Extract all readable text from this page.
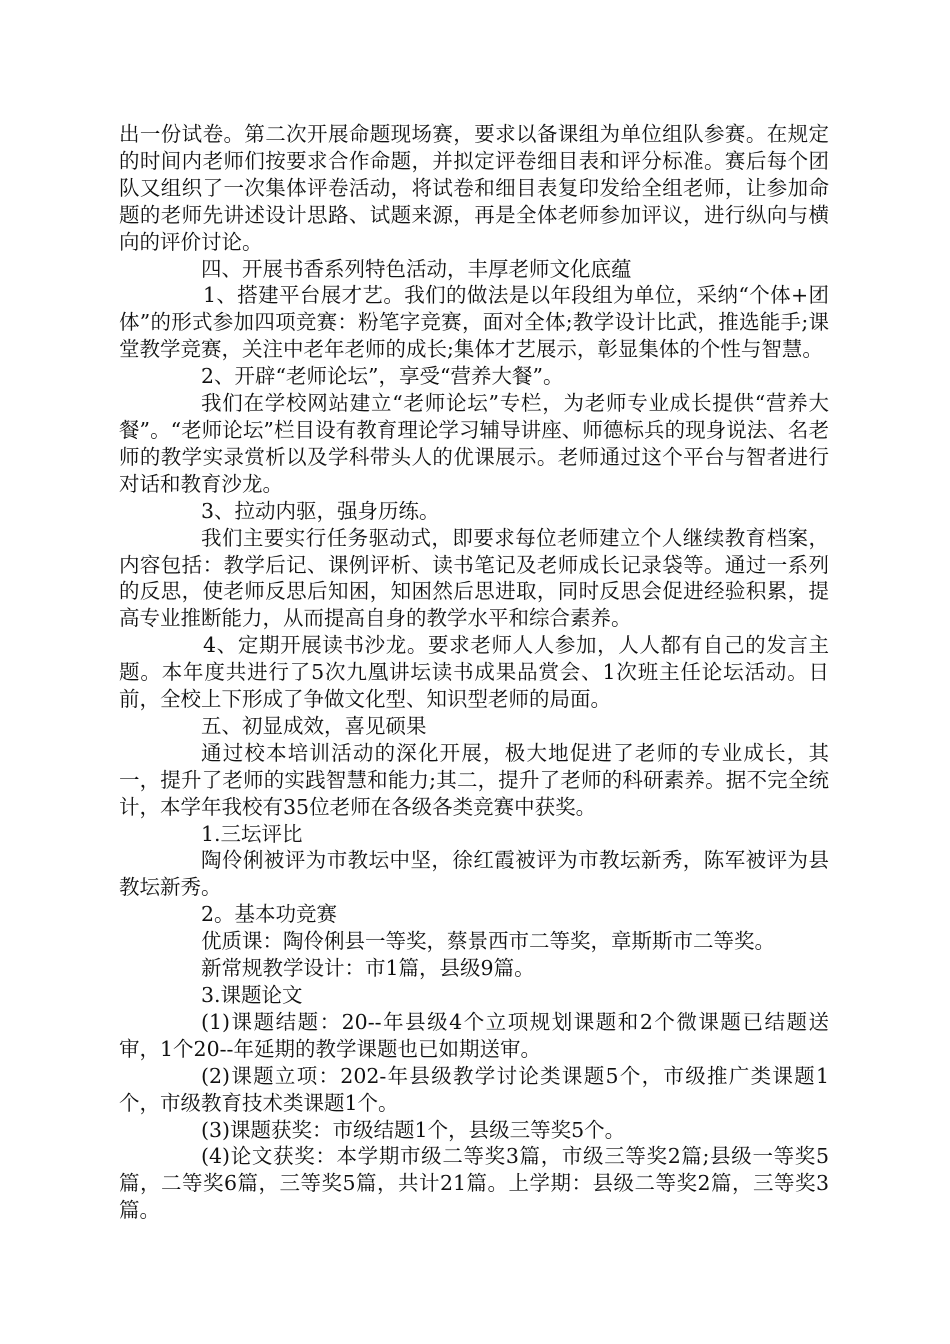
出一份试卷。第二次开展命题现场赛，要求以备课组为单位组队参赛。在规定的时间内老师们按要求合作命题，并拟定评卷细目表和评分标准。赛后每个团队又组织了一次集体评卷活动，将试卷和细目表复印发给全组老师，让参加命题的老师先讲述设计思路、试题来源，再是全体老师参加评议，进行纵向与横向的评价讨论。

四、开展书香系列特色活动，丰厚老师文化底蕴

1、搭建平台展才艺。我们的做法是以年段组为单位，采纳“个体+团体”的形式参加四项竞赛：粉笔字竞赛，面对全体;教学设计比武，推选能手;课堂教学竞赛，关注中老年老师的成长;集体才艺展示，彰显集体的个性与智慧。

2、开辟“老师论坛”，享受“营养大餐”。

我们在学校网站建立“老师论坛”专栏，为老师专业成长提供“营养大餐”。“老师论坛”栏目设有教育理论学习辅导讲座、师德标兵的现身说法、名老师的教学实录赏析以及学科带头人的优课展示。老师通过这个平台与智者进行对话和教育沙龙。

3、拉动内驱，强身历练。

我们主要实行任务驱动式，即要求每位老师建立个人继续教育档案，内容包括：教学后记、课例评析、读书笔记及老师成长记录袋等。通过一系列的反思，使老师反思后知困，知困然后思进取，同时反思会促进经验积累，提高专业推断能力，从而提高自身的教学水平和综合素养。

4、定期开展读书沙龙。要求老师人人参加，人人都有自己的发言主题。本年度共进行了5次九凰讲坛读书成果品赏会、1次班主任论坛活动。日前，全校上下形成了争做文化型、知识型老师的局面。

五、初显成效，喜见硕果

通过校本培训活动的深化开展，极大地促进了老师的专业成长，其一，提升了老师的实践智慧和能力;其二，提升了老师的科研素养。据不完全统计，本学年我校有35位老师在各级各类竞赛中获奖。

1.三坛评比

陶伶俐被评为市教坛中坚，徐红霞被评为市教坛新秀，陈军被评为县教坛新秀。

2。基本功竞赛

优质课：陶伶俐县一等奖，蔡景西市二等奖，章斯斯市二等奖。

新常规教学设计：市1篇，县级9篇。

3.课题论文

(1)课题结题：20--年县级4个立项规划课题和2个微课题已结题送审，1个20--年延期的教学课题也已如期送审。

(2)课题立项：202-年县级教学讨论类课题5个，市级推广类课题1个，市级教育技术类课题1个。

(3)课题获奖：市级结题1个，县级三等奖5个。

(4)论文获奖：本学期市级二等奖3篇，市级三等奖2篇;县级一等奖5篇，二等奖6篇，三等奖5篇，共计21篇。上学期：县级二等奖2篇，三等奖3篇。
